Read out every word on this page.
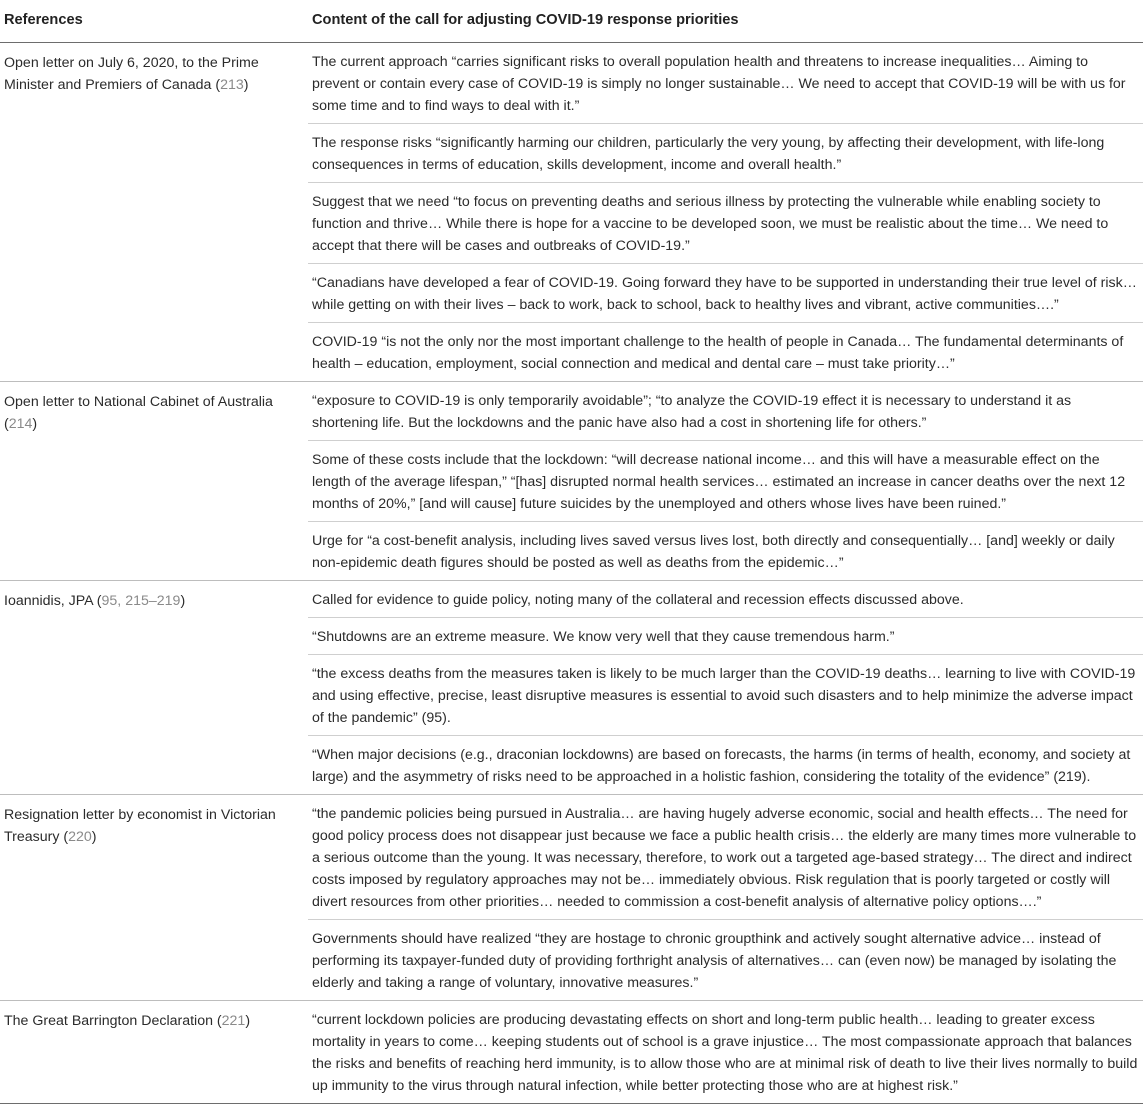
References	Content of the call for adjusting COVID-19 response priorities
Open letter on July 6, 2020, to the Prime Minister and Premiers of Canada (213)	The current approach “carries significant risks to overall population health and threatens to increase inequalities… Aiming to prevent or contain every case of COVID-19 is simply no longer sustainable… We need to accept that COVID-19 will be with us for some time and to find ways to deal with it.”
The response risks “significantly harming our children, particularly the very young, by affecting their development, with life-long consequences in terms of education, skills development, income and overall health.”
Suggest that we need “to focus on preventing deaths and serious illness by protecting the vulnerable while enabling society to function and thrive… While there is hope for a vaccine to be developed soon, we must be realistic about the time… We need to accept that there will be cases and outbreaks of COVID-19.”
“Canadians have developed a fear of COVID-19. Going forward they have to be supported in understanding their true level of risk… while getting on with their lives – back to work, back to school, back to healthy lives and vibrant, active communities….”
COVID-19 “is not the only nor the most important challenge to the health of people in Canada… The fundamental determinants of health – education, employment, social connection and medical and dental care – must take priority…”

Open letter to National Cabinet of Australia (214)	“exposure to COVID-19 is only temporarily avoidable”; “to analyze the COVID-19 effect it is necessary to understand it as shortening life. But the lockdowns and the panic have also had a cost in shortening life for others.”
Some of these costs include that the lockdown: “will decrease national income… and this will have a measurable effect on the length of the average lifespan,” “[has] disrupted normal health services… estimated an increase in cancer deaths over the next 12 months of 20%,” [and will cause] future suicides by the unemployed and others whose lives have been ruined.”
Urge for “a cost-benefit analysis, including lives saved versus lives lost, both directly and consequentially… [and] weekly or daily non-epidemic death figures should be posted as well as deaths from the epidemic…”

Ioannidis, JPA (95, 215–219)	Called for evidence to guide policy, noting many of the collateral and recession effects discussed above.
“Shutdowns are an extreme measure. We know very well that they cause tremendous harm.”
“the excess deaths from the measures taken is likely to be much larger than the COVID-19 deaths… learning to live with COVID-19 and using effective, precise, least disruptive measures is essential to avoid such disasters and to help minimize the adverse impact of the pandemic” (95).
“When major decisions (e.g., draconian lockdowns) are based on forecasts, the harms (in terms of health, economy, and society at large) and the asymmetry of risks need to be approached in a holistic fashion, considering the totality of the evidence” (219).

Resignation letter by economist in Victorian Treasury (220)	“the pandemic policies being pursued in Australia… are having hugely adverse economic, social and health effects… The need for good policy process does not disappear just because we face a public health crisis… the elderly are many times more vulnerable to a serious outcome than the young. It was necessary, therefore, to work out a targeted age-based strategy… The direct and indirect costs imposed by regulatory approaches may not be… immediately obvious. Risk regulation that is poorly targeted or costly will divert resources from other priorities… needed to commission a cost-benefit analysis of alternative policy options….”
Governments should have realized “they are hostage to chronic groupthink and actively sought alternative advice… instead of performing its taxpayer-funded duty of providing forthright analysis of alternatives… can (even now) be managed by isolating the elderly and taking a range of voluntary, innovative measures.”

The Great Barrington Declaration (221)	“current lockdown policies are producing devastating effects on short and long-term public health… leading to greater excess mortality in years to come… keeping students out of school is a grave injustice… The most compassionate approach that balances the risks and benefits of reaching herd immunity, is to allow those who are at minimal risk of death to live their lives normally to build up immunity to the virus through natural infection, while better protecting those who are at highest risk.”
